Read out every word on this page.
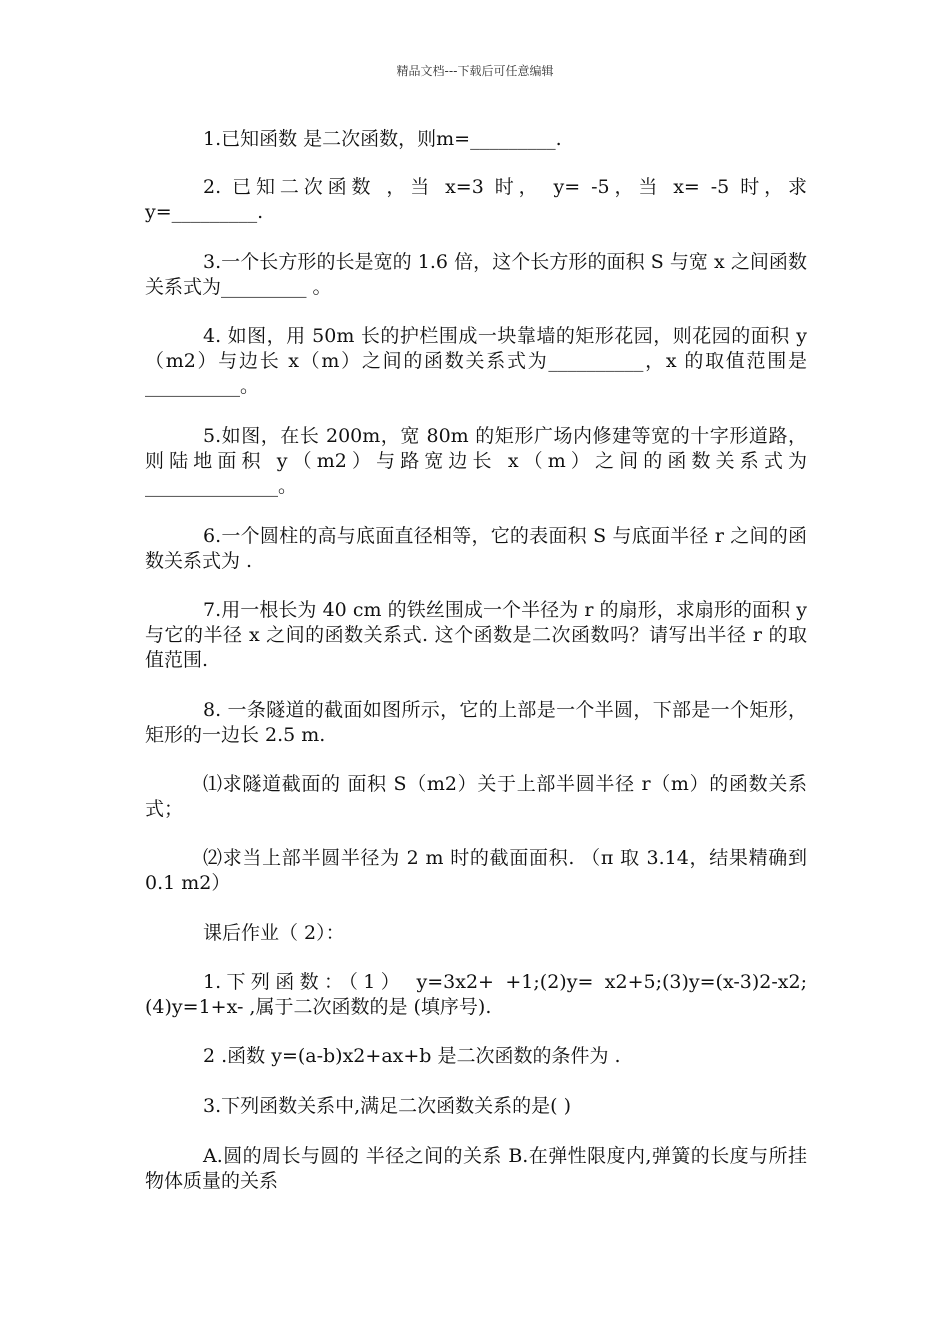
精品文档---下载后可任意编辑
1.已知函数 是二次函数，则m=_________.
2. 已知二次函数 ，当 x=3 时， y= -5，当 x= -5 时，求y=_________.
3.一个长方形的长是宽的 1.6 倍，这个长方形的面积 S 与宽 x 之间函数关系式为_________ 。
4. 如图，用 50m 长的护栏围成一块靠墙的矩形花园，则花园的面积 y（m2）与边长 x（m）之间的函数关系式为__________，x 的取值范围是__________。
5.如图，在长 200m，宽 80m 的矩形广场内修建等宽的十字形道路，则陆地面积 y（m2）与路宽边长 x（m）之间的函数关系式为______________。
6.一个圆柱的高与底面直径相等，它的表面积 S 与底面半径 r 之间的函数关系式为 .
7.用一根长为 40 cm 的铁丝围成一个半径为 r 的扇形，求扇形的面积 y 与它的半径 x 之间的函数关系式. 这个函数是二次函数吗？请写出半径 r 的取值范围.
8. 一条隧道的截面如图所示，它的上部是一个半圆，下部是一个矩形，矩形的一边长 2.5 m.
⑴求隧道截面的 面积 S（m2）关于上部半圆半径 r（m）的函数关系式；
⑵求当上部半圆半径为 2 m 时的截面面积. （π 取 3.14，结果精确到 0.1 m2）
课后作业（ 2）：
1.下列函数：（1） y=3x2+ +1;(2)y= x2+5;(3)y=(x-3)2-x2;(4)y=1+x- ,属于二次函数的是 (填序号).
2 .函数 y=(a-b)x2+ax+b 是二次函数的条件为 .
3.下列函数关系中,满足二次函数关系的是( )
A.圆的周长与圆的 半径之间的关系 B.在弹性限度内,弹簧的长度与所挂物体质量的关系
